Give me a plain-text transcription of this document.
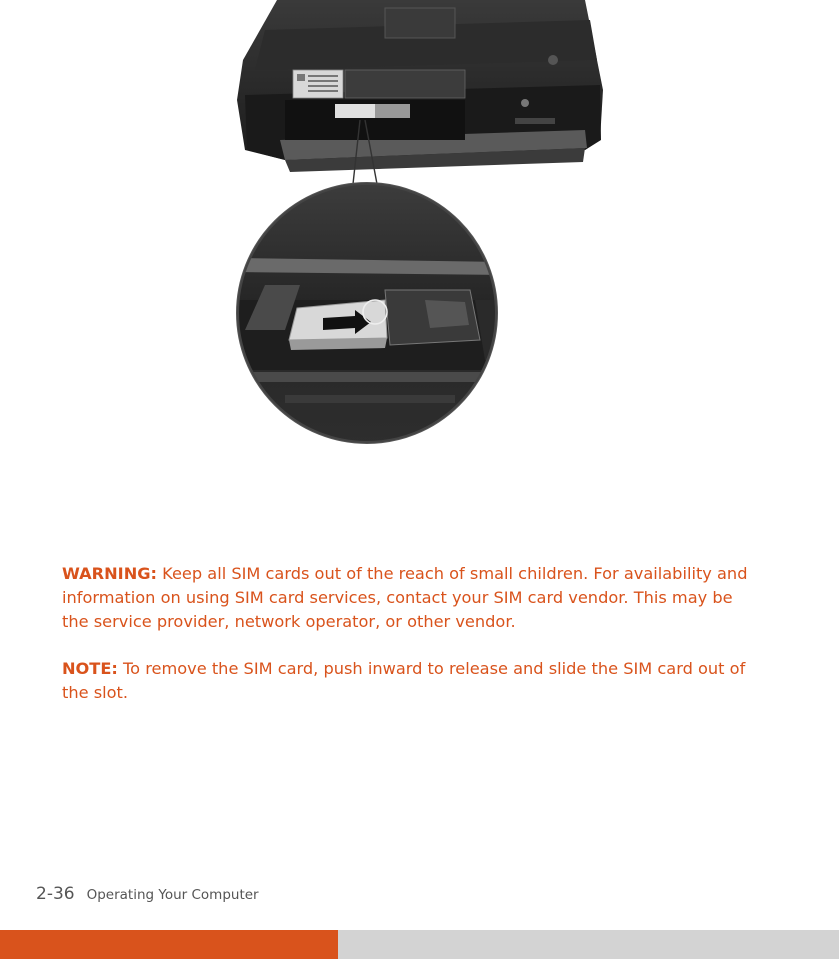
WARNING: Keep all SIM cards out of the reach of small children. For availability and information on using SIM card services, contact your SIM card vendor. This may be the service provider, network operator, or other vendor.

NOTE: To remove the SIM card, push inward to release and slide the SIM card out of the slot.

2-36 Operating Your Computer
